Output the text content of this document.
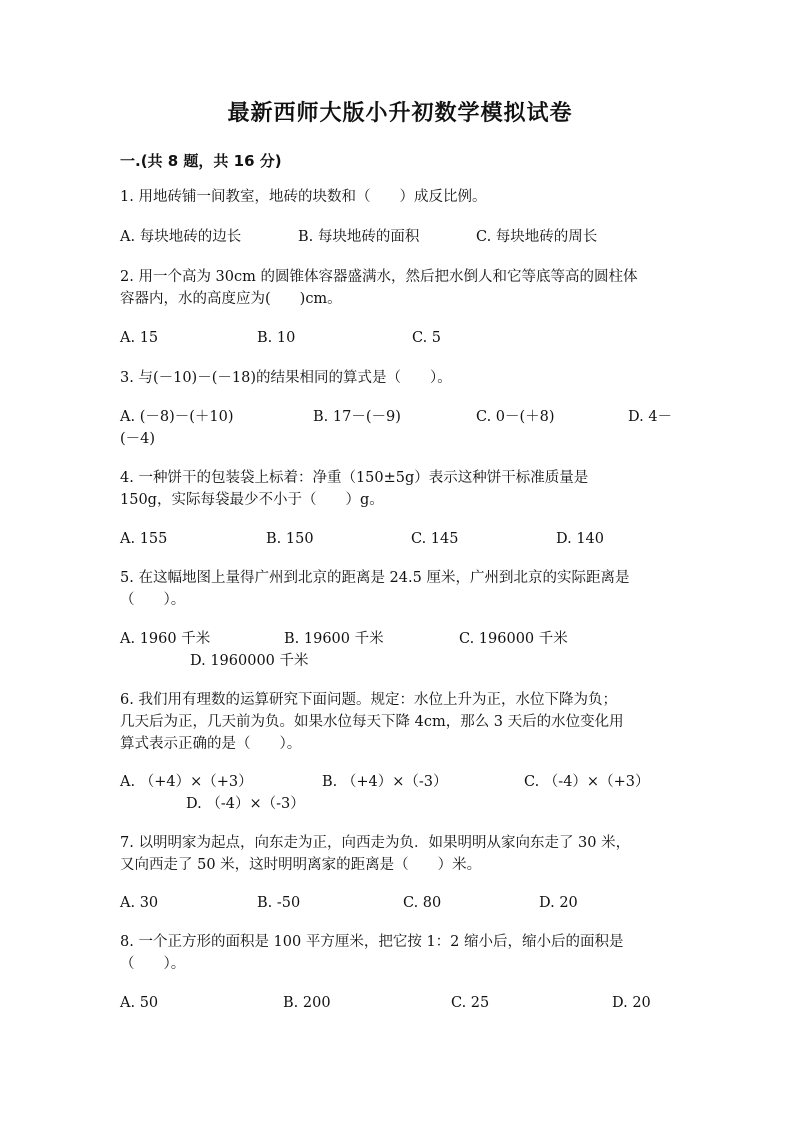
最新西师大版小升初数学模拟试卷
一.(共 8 题，共 16 分)
1. 用地砖铺一间教室，地砖的块数和（　　）成反比例。
A. 每块地砖的边长	B. 每块地砖的面积	C. 每块地砖的周长
2. 用一个高为 30cm 的圆锥体容器盛满水，然后把水倒人和它等底等高的圆柱体
容器内，水的高度应为(　　)cm。
A. 15	B. 10	C. 5
3. 与(－10)－(－18)的结果相同的算式是（　　）。
A. (－8)－(＋10)	B. 17－(－9)	C. 0－(＋8)	D. 4－
(－4)
4. 一种饼干的包装袋上标着：净重（150±5g）表示这种饼干标准质量是
150g，实际每袋最少不小于（　　）g。
A. 155	B. 150	C. 145	D. 140
5. 在这幅地图上量得广州到北京的距离是 24.5 厘米，广州到北京的实际距离是
（　　）。
A. 1960 千米	B. 19600 千米	C. 196000 千米
D. 1960000 千米
6. 我们用有理数的运算研究下面问题。规定：水位上升为正，水位下降为负；
几天后为正，几天前为负。如果水位每天下降 4cm，那么 3 天后的水位变化用
算式表示正确的是（　　）。
A. （+4）×（+3）	B. （+4）×（-3）	C. （-4）×（+3）
D. （-4）×（-3）
7. 以明明家为起点，向东走为正，向西走为负．如果明明从家向东走了 30 米，
又向西走了 50 米，这时明明离家的距离是（　　）米。
A. 30	B. -50	C. 80	D. 20
8. 一个正方形的面积是 100 平方厘米，把它按 1：2 缩小后，缩小后的面积是
（　　）。
A. 50	B. 200	C. 25	D. 20
